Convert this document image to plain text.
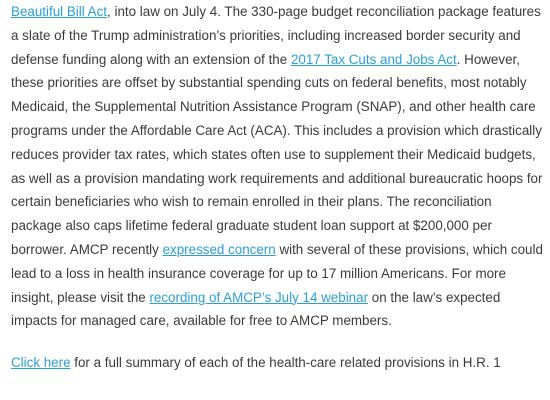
Beautiful Bill Act, into law on July 4. The 330-page budget reconciliation package features a slate of the Trump administration’s priorities, including increased border security and defense funding along with an extension of the 2017 Tax Cuts and Jobs Act. However, these priorities are offset by substantial spending cuts on federal benefits, most notably Medicaid, the Supplemental Nutrition Assistance Program (SNAP), and other health care programs under the Affordable Care Act (ACA). This includes a provision which drastically reduces provider tax rates, which states often use to supplement their Medicaid budgets, as well as a provision mandating work requirements and additional bureaucratic hoops for certain beneficiaries who wish to remain enrolled in their plans. The reconciliation package also caps lifetime federal graduate student loan support at $200,000 per borrower. AMCP recently expressed concern with several of these provisions, which could lead to a loss in health insurance coverage for up to 17 million Americans. For more insight, please visit the recording of AMCP’s July 14 webinar on the law’s expected impacts for managed care, available for free to AMCP members.

Click here for a full summary of each of the health-care related provisions in H.R. 1
